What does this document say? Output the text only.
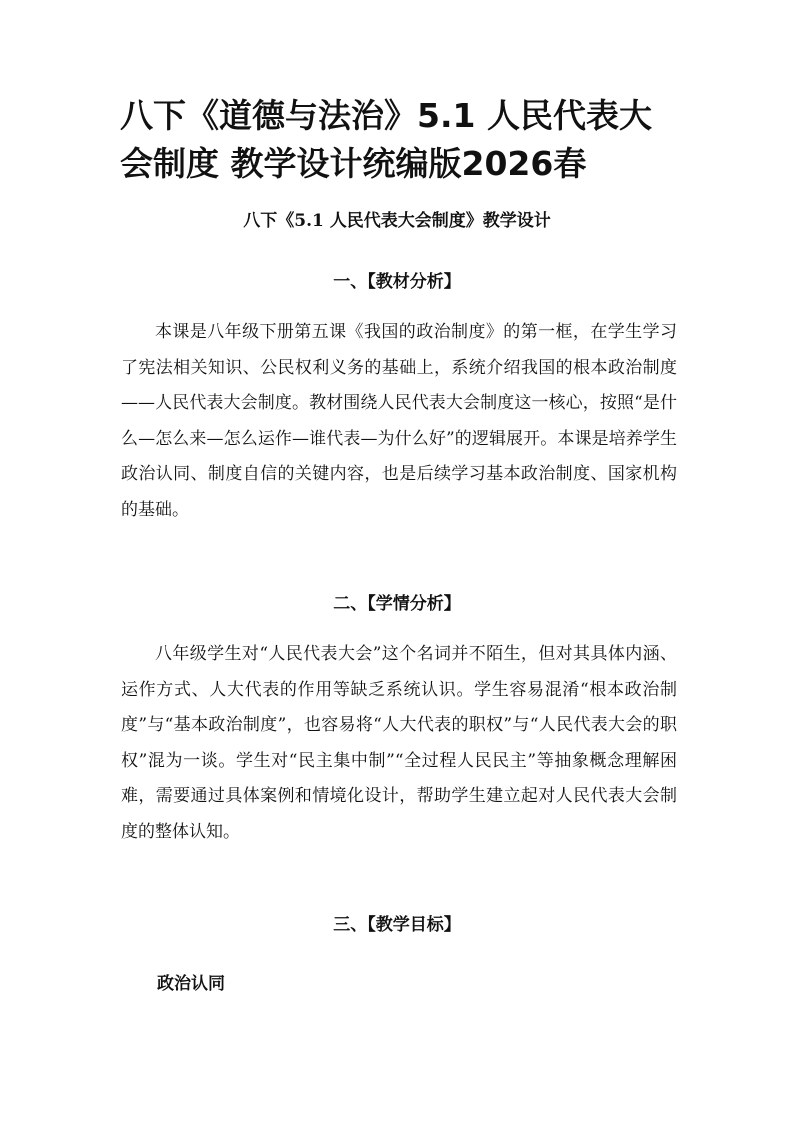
八下《道德与法治》5.1 人民代表大会制度 教学设计统编版2026春

八下《5.1 人民代表大会制度》教学设计

一、【教材分析】

本课是八年级下册第五课《我国的政治制度》的第一框，在学生学习了宪法相关知识、公民权利义务的基础上，系统介绍我国的根本政治制度——人民代表大会制度。教材围绕人民代表大会制度这一核心，按照“是什么—怎么来—怎么运作—谁代表—为什么好”的逻辑展开。本课是培养学生政治认同、制度自信的关键内容，也是后续学习基本政治制度、国家机构的基础。

二、【学情分析】

八年级学生对“人民代表大会”这个名词并不陌生，但对其具体内涵、运作方式、人大代表的作用等缺乏系统认识。学生容易混淆“根本政治制度”与“基本政治制度”，也容易将“人大代表的职权”与“人民代表大会的职权”混为一谈。学生对“民主集中制”“全过程人民民主”等抽象概念理解困难，需要通过具体案例和情境化设计，帮助学生建立起对人民代表大会制度的整体认知。

三、【教学目标】

政治认同
